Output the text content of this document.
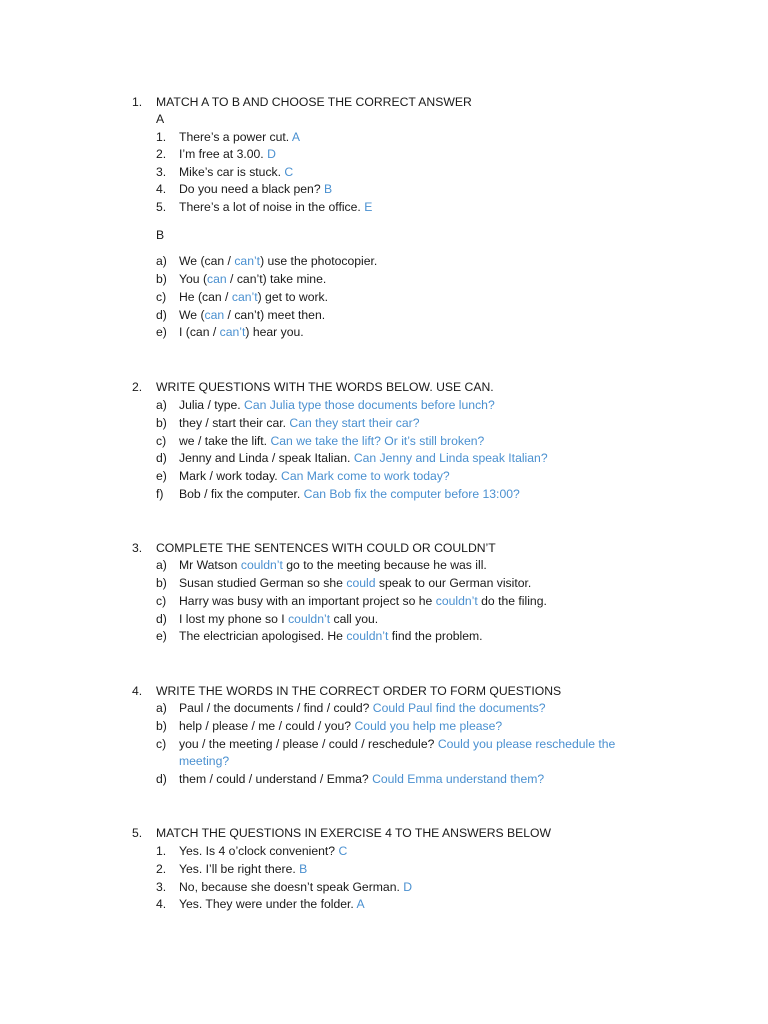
1. MATCH A TO B AND CHOOSE THE CORRECT ANSWER
A
1. There’s a power cut. A
2. I’m free at 3.00. D
3. Mike’s car is stuck. C
4. Do you need a black pen? B
5. There’s a lot of noise in the office. E
B
a) We (can / can’t) use the photocopier.
b) You (can / can’t) take mine.
c) He (can / can’t) get to work.
d) We (can / can’t) meet then.
e) I (can / can’t) hear you.
2. WRITE QUESTIONS WITH THE WORDS BELOW. USE CAN.
a) Julia / type. Can Julia type those documents before lunch?
b) they / start their car. Can they start their car?
c) we / take the lift. Can we take the lift? Or it’s still broken?
d) Jenny and Linda / speak Italian. Can Jenny and Linda speak Italian?
e) Mark / work today. Can Mark come to work today?
f) Bob / fix the computer. Can Bob fix the computer before 13:00?
3. COMPLETE THE SENTENCES WITH COULD OR COULDN’T
a) Mr Watson couldn’t go to the meeting because he was ill.
b) Susan studied German so she could speak to our German visitor.
c) Harry was busy with an important project so he couldn’t do the filing.
d) I lost my phone so I couldn’t call you.
e) The electrician apologised. He couldn’t find the problem.
4. WRITE THE WORDS IN THE CORRECT ORDER TO FORM QUESTIONS
a) Paul / the documents / find / could? Could Paul find the documents?
b) help / please / me / could / you? Could you help me please?
c) you / the meeting / please / could / reschedule? Could you please reschedule the
meeting?
d) them / could / understand / Emma? Could Emma understand them?
5. MATCH THE QUESTIONS IN EXERCISE 4 TO THE ANSWERS BELOW
1. Yes. Is 4 o’clock convenient? C
2. Yes. I’ll be right there. B
3. No, because she doesn’t speak German. D
4. Yes. They were under the folder. A
